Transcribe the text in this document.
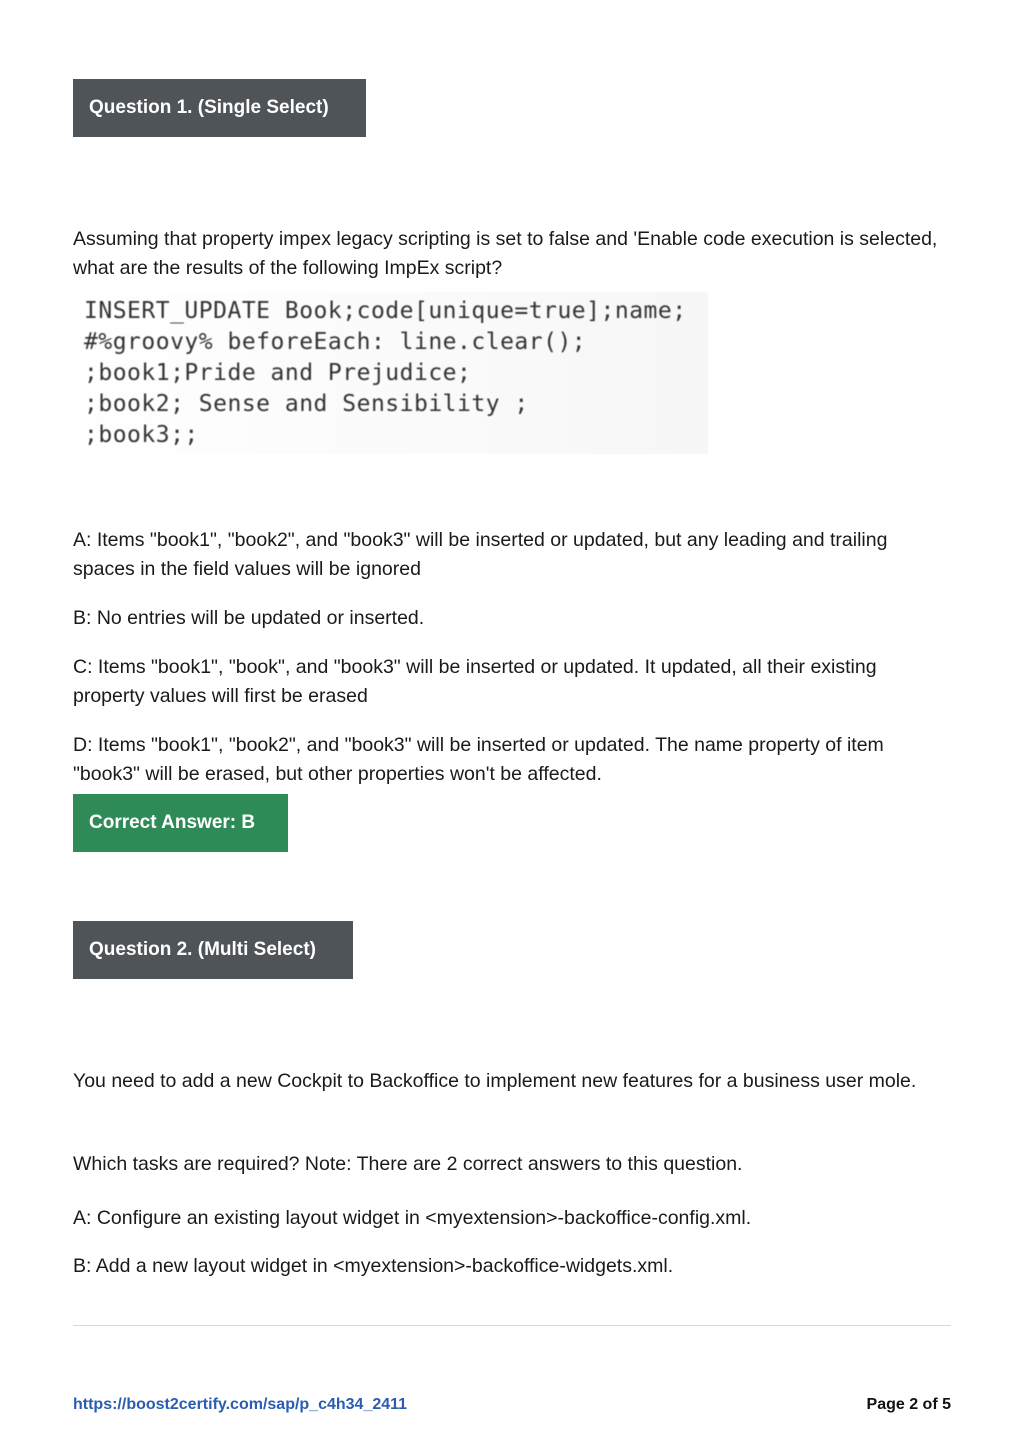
Question 1. (Single Select)

Assuming that property impex legacy scripting is set to false and 'Enable code execution is selected, what are the results of the following ImpEx script?

INSERT_UPDATE Book;code[unique=true];name;
#%groovy% beforeEach: line.clear();
;book1;Pride and Prejudice;
;book2; Sense and Sensibility ;
;book3;;

A: Items "book1", "book2", and "book3" will be inserted or updated, but any leading and trailing spaces in the field values will be ignored

B: No entries will be updated or inserted.

C: Items "book1", "book", and "book3" will be inserted or updated. It updated, all their existing property values will first be erased

D: Items "book1", "book2", and "book3" will be inserted or updated. The name property of item "book3" will be erased, but other properties won't be affected.

Correct Answer: B
Question 2. (Multi Select)

You need to add a new Cockpit to Backoffice to implement new features for a business user mole.

Which tasks are required? Note: There are 2 correct answers to this question.

A: Configure an existing layout widget in <myextension>-backoffice-config.xml.

B: Add a new layout widget in <myextension>-backoffice-widgets.xml.

https://boost2certify.com/sap/p_c4h34_2411	Page 2 of 5
